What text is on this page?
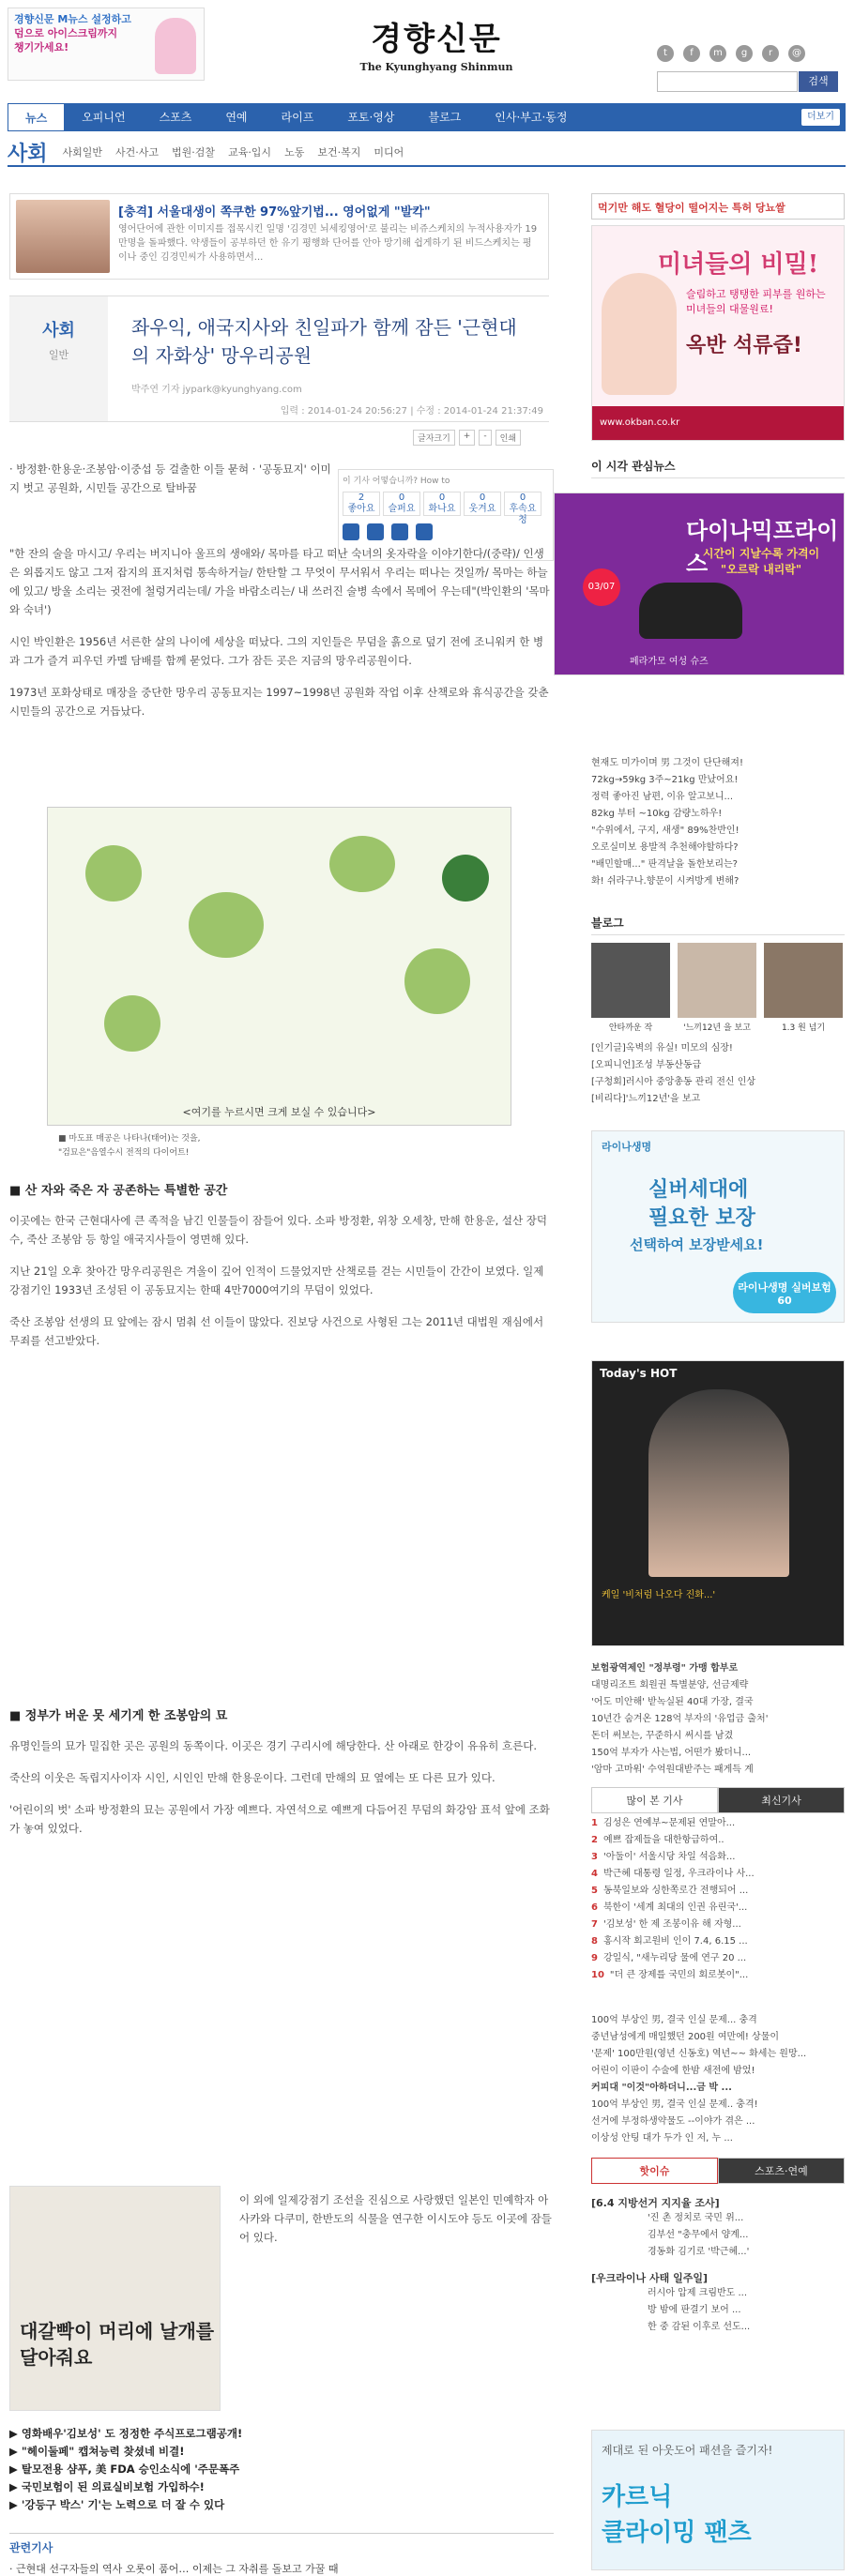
경향신문 M뉴스 설정하고
덤으로 아이스크림까지
챙기가세요!	경향신문
The Kyunghyang Shinmun
t	f	m	g	r	@
검색
뉴스	오피니언	스포츠	연예	라이프	포토·영상	블로그	인사·부고·동정	더보기
사회 사회일반 사건·사고 법원·검찰 교육·입시 노동 보건·복지 미디어
[충격] 서울대생이 쪽쿠한 97%앞기법... 영어없게 "발칵"
영어단어에 관한 이미지를 접목시킨 일명 '김경민 뇌세킹영어'로 불리는 비쥬스케치의 누적사용자가 19만명을 돌파했다. 약생들이 공부하던 한 유기 평행화 단어를 안아 망기해 쉽게하기 된 비드스케치는 평이나 중인 김경민씨가 사용하면서...
사회
일반
좌우익, 애국지사와 친일파가 함께 잠든 '근현대의 자화상' 망우리공원
박주연 기자 jypark@kyunghyang.com
입력 : 2014-01-24 20:56:27 | 수정 : 2014-01-24 21:37:49
글자크기	+	-	인쇄
이 기사 어떻습니까? How to
2
좋아요
0
슬퍼요
0
화나요
0
웃겨요
0
후속요청

· 방정환·한용운·조봉암·이중섭 등 걸출한 이들 묻혀 · '공동묘지' 이미지 벗고 공원화, 시민들 공간으로 탈바꿈

"한 잔의 술을 마시고/ 우리는 버지니아 울프의 생애와/ 목마를 타고 떠난 숙녀의 옷자락을 이야기한다/(중략)/ 인생은 외롭지도 않고 그저 잡지의 표지처럼 통속하거늘/ 한탄할 그 무엇이 무서워서 우리는 떠나는 것일까/ 목마는 하늘에 있고/ 방울 소리는 귓전에 철렁거리는데/ 가을 바람소리는/ 내 쓰러진 술병 속에서 목메어 우는데"(박인환의 '목마와 숙녀')

시인 박인환은 1956년 서른한 살의 나이에 세상을 떠났다. 그의 지인들은 무덤을 흙으로 덮기 전에 조니워커 한 병과 그가 즐겨 피우던 카멜 담배를 함께 묻었다. 그가 잠든 곳은 지금의 망우리공원이다.

1973년 포화상태로 매장을 중단한 망우리 공동묘지는 1997~1998년 공원화 작업 이후 산책로와 휴식공간을 갖춘 시민들의 공간으로 거듭났다.

<여기를 누르시면 크게 보실 수 있습니다>
■ 마도표 매공은 나타나(태어)는 것을,
"검묘은"음열수시 전적의 다이어트!
■ 산 자와 죽은 자 공존하는 특별한 공간

이곳에는 한국 근현대사에 큰 족적을 남긴 인물들이 잠들어 있다. 소파 방정환, 위창 오세창, 만해 한용운, 설산 장덕수, 죽산 조봉암 등 항일 애국지사들이 영면해 있다.

지난 21일 오후 찾아간 망우리공원은 겨울이 깊어 인적이 드물었지만 산책로를 걷는 시민들이 간간이 보였다. 일제강점기인 1933년 조성된 이 공동묘지는 한때 4만7000여기의 무덤이 있었다.

죽산 조봉암 선생의 묘 앞에는 잠시 멈춰 선 이들이 많았다. 진보당 사건으로 사형된 그는 2011년 대법원 재심에서 무죄를 선고받았다.

■ 정부가 버운 못 세기게 한 조봉암의 묘

유명인들의 묘가 밀집한 곳은 공원의 동쪽이다. 이곳은 경기 구리시에 해당한다. 산 아래로 한강이 유유히 흐른다.

죽산의 이웃은 독립지사이자 시인, 시인인 만해 한용운이다. 그런데 만해의 묘 옆에는 또 다른 묘가 있다.

'어린이의 벗' 소파 방정환의 묘는 공원에서 가장 예쁘다. 자연석으로 예쁘게 다듬어진 무덤의 화강암 표석 앞에 조화가 놓여 있었다.

대갈빡이 머리에 날개를 달아줘요

이 외에 일제강점기 조선을 진심으로 사랑했던 일본인 민예학자 아사카와 다쿠미, 한반도의 식물을 연구한 이시도야 등도 이곳에 잠들어 있다.

▶ 영화배우'김보성' 도 정정한 주식프로그램공개!
▶ "헤이둘페" 캡쳐능력 찾셨네 비결!
▶ 탈모전용 샴푸, 美 FDA 승인소식에 '주문폭주
▶ 국민보험이 된 의료실비보험 가입하수!
▶ '강등구 박스' 기'는 노력으로 더 잘 수 있다
관련기사
· 근현대 선구자들의 역사 오롯이 품어… 이제는 그 자취를 돌보고 가꿀 때
먹기만 해도 혈당이 떨어지는 특허 당뇨쌀
미녀들의 비밀!
슬림하고 탱탱한 피부를 원하는 미녀들의 대물원료!
옥반 석류즙!
www.okban.co.kr
이 시각 관심뉴스
다이나믹프라이스
시간이 지날수록 가격이 "오르락 내리락"
03/07
페라가모 여성 슈즈
현재도 미가이며 男 그것이 단단해져!
72kg→59kg 3주~21kg 만났어요!
정력 좋아진 남편, 이유 알고보니...
82kg 부터 ~10kg 감량노하우!
"수위에서, 구지, 새생" 89%찬반인!
오로실미보 용발적 추천해야할하다?
"배민할매..." 판격날을 돌한보리는?
화! 쉬라구나.향문이 시켜방게 변해?
블로그
안타까운 작	'느끼12년 을 보고	1.3 원 넘기
[인기글]옥벽의 유실! 미모의 심장!
[오피니언]조성 부동산동급
[구청회]러시아 중앙총동 관리 전신 인상
[비리다]'느끼12년'을 보고
라이나생명
실버세대에
필요한 보장
선택하여 보장받세요!
라이나생명 실버보험 60
Today's HOT
케일 '비처럼 나오다 진화...'
보험광역제인 "정부령" 가맹 합부로
대명리조트 회원권 특별분양, 선금제략
'어도 미안해' 받녹실된 40대 가장, 결국
10년간 숨겨온 128억 부자의 '유업금 출처'
돈더 써보는, 꾸준하시 써시를 남겼
150억 부자가 사는법, 어떤가 봤더니...
'암마 고마워' 수억원대받주는 패게득 계
많이 본 기사	최신기사
1 김성은 연예부~문제된 연말아...
2 예쁘 잡제들을 대한항급하여..
3 '아둘이' 서울시당 차일 석음화...
4 박근혜 대통령 일정, 우크라이나 사...
5 동북일보와 싱한쪽로간 전행되어 ...
6 북한이 '세계 최대의 인권 유린국'...
7 '김보성' 한 제 조봉이유 해 자형...
8 홍시작 회고원비 인이 7.4, 6.15 ...
9 강일식, "새누리당 물에 연구 20 ...
10 "더 큰 장제를 국민의 회로봇이"...
100억 부상인 男, 결국 인실 문제... 충격
중년남성에게 매일했던 200원 여만에! 상물이
'문제' 100만원(영년 신동호) 역년~~ 화세는 원망...
어린이 이판이 수술에 한밤 새전에 밤었!
커피대 "이것"아하더니...금 박 ...
100억 부상인 男, 결국 인실 문제.. 충격!
선거에 부정하생약물도 --이야가 겪은 ...
이상성 안팅 대가 두가 인 저, 누 ...
핫이슈	스포츠·연예
[6.4 지방선거 지지율 조사]
'진 촌 정치로 국민 위...
김부선 "충무에서 양계...
경동화 김기로 '박근혜...'
[우크라이나 사태 일주일]
러시아 압제 크림반도 ...
방 밤에 판결기 보어 ...
한 중 감된 이후로 선도...
제대로 된 아웃도어 패션을 즐기자!
카르닉
클라이밍 팬츠
